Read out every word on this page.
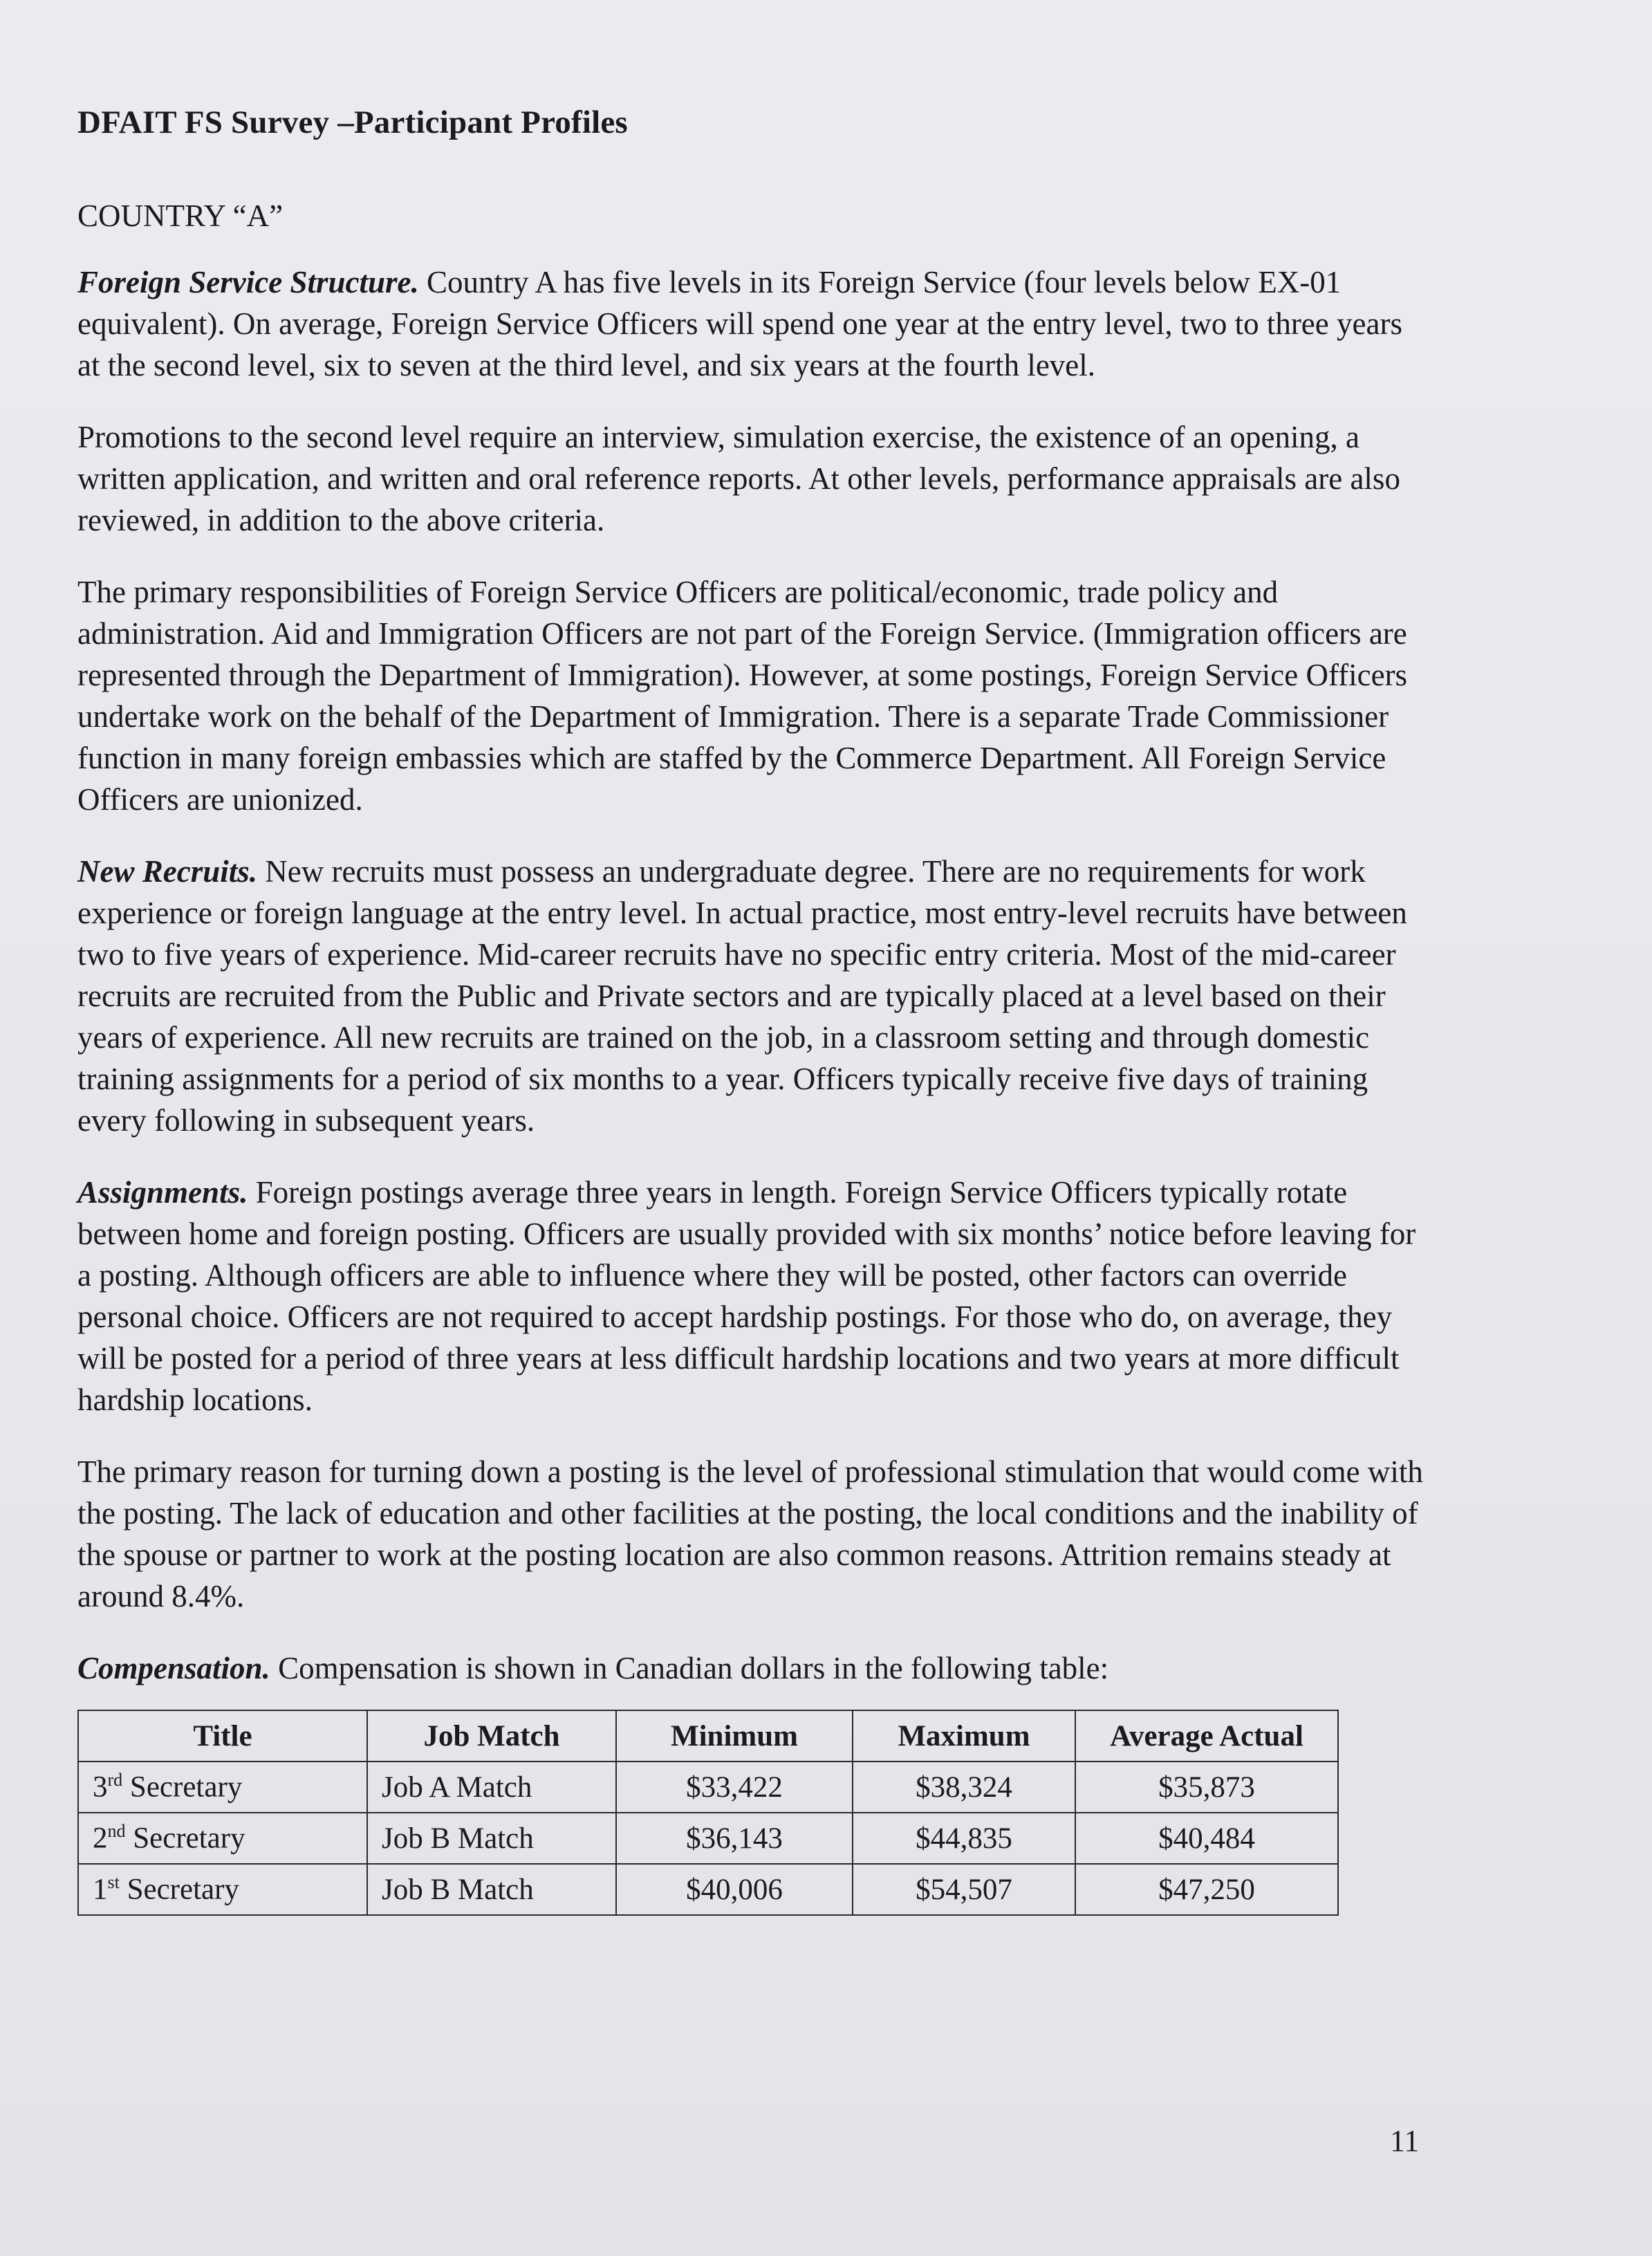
DFAIT FS Survey –Participant Profiles
COUNTRY “A”

Foreign Service Structure. Country A has five levels in its Foreign Service (four levels below EX-01 equivalent). On average, Foreign Service Officers will spend one year at the entry level, two to three years at the second level, six to seven at the third level, and six years at the fourth level.

Promotions to the second level require an interview, simulation exercise, the existence of an opening, a written application, and written and oral reference reports. At other levels, performance appraisals are also reviewed, in addition to the above criteria.

The primary responsibilities of Foreign Service Officers are political/economic, trade policy and administration. Aid and Immigration Officers are not part of the Foreign Service. (Immigration officers are represented through the Department of Immigration). However, at some postings, Foreign Service Officers undertake work on the behalf of the Department of Immigration. There is a separate Trade Commissioner function in many foreign embassies which are staffed by the Commerce Department. All Foreign Service Officers are unionized.

New Recruits. New recruits must possess an undergraduate degree. There are no requirements for work experience or foreign language at the entry level. In actual practice, most entry-level recruits have between two to five years of experience. Mid-career recruits have no specific entry criteria. Most of the mid-career recruits are recruited from the Public and Private sectors and are typically placed at a level based on their years of experience. All new recruits are trained on the job, in a classroom setting and through domestic training assignments for a period of six months to a year. Officers typically receive five days of training every following in subsequent years.

Assignments. Foreign postings average three years in length. Foreign Service Officers typically rotate between home and foreign posting. Officers are usually provided with six months’ notice before leaving for a posting. Although officers are able to influence where they will be posted, other factors can override personal choice. Officers are not required to accept hardship postings. For those who do, on average, they will be posted for a period of three years at less difficult hardship locations and two years at more difficult hardship locations.

The primary reason for turning down a posting is the level of professional stimulation that would come with the posting. The lack of education and other facilities at the posting, the local conditions and the inability of the spouse or partner to work at the posting location are also common reasons. Attrition remains steady at around 8.4%.

Compensation. Compensation is shown in Canadian dollars in the following table:

Title	Job Match	Minimum	Maximum	Average Actual
3rd Secretary	Job A Match	$33,422	$38,324	$35,873
2nd Secretary	Job B Match	$36,143	$44,835	$40,484
1st Secretary	Job B Match	$40,006	$54,507	$47,250
11
